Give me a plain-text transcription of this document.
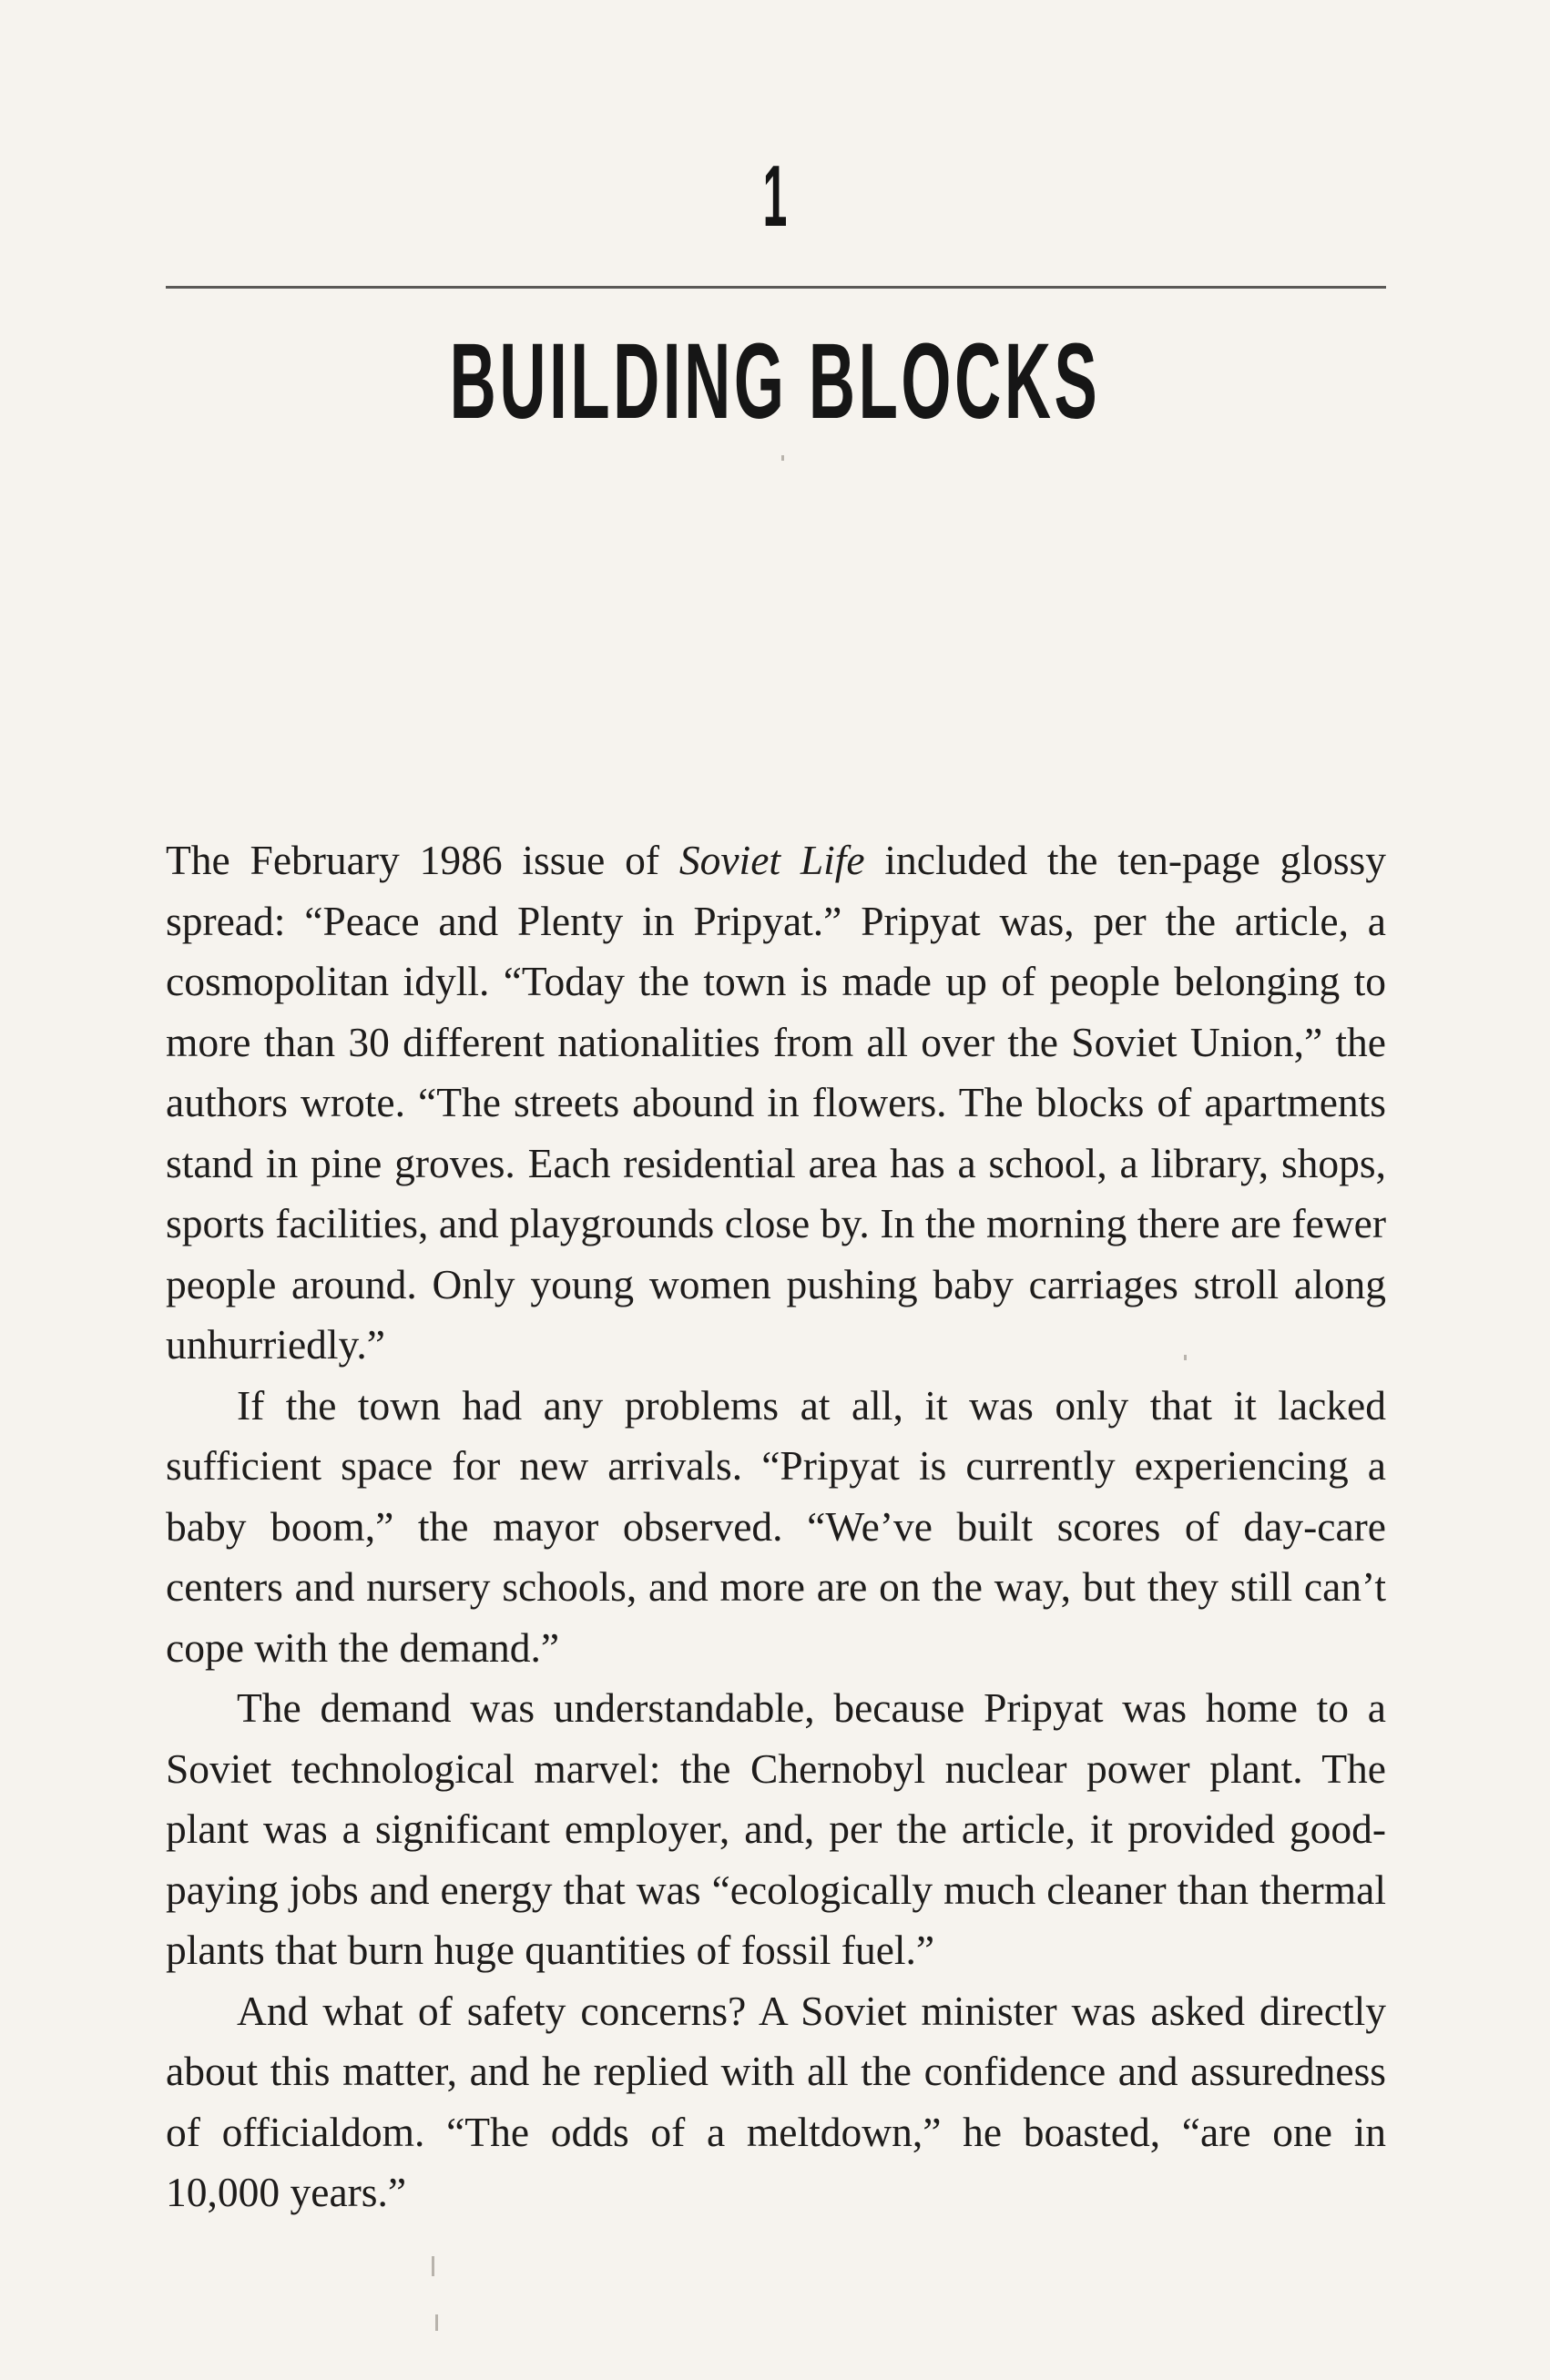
1
BUILDING BLOCKS

The February 1986 issue of Soviet Life included the ten-page glossy spread: “Peace and Plenty in Pripyat.” Pripyat was, per the article, a cosmopolitan idyll. “Today the town is made up of people belonging to more than 30 different nationalities from all over the Soviet Union,” the authors wrote. “The streets abound in flowers. The blocks of apartments stand in pine groves. Each residential area has a school, a library, shops, sports facilities, and playgrounds close by. In the morning there are fewer people around. Only young women pushing baby carriages stroll along unhurriedly.”

If the town had any problems at all, it was only that it lacked sufficient space for new arrivals. “Pripyat is currently experiencing a baby boom,” the mayor observed. “We’ve built scores of day-care centers and nursery schools, and more are on the way, but they still can’t cope with the demand.”

The demand was understandable, because Pripyat was home to a Soviet technological marvel: the Chernobyl nuclear power plant. The plant was a significant employer, and, per the article, it provided good-paying jobs and energy that was “ecologically much cleaner than thermal plants that burn huge quantities of fossil fuel.”

And what of safety concerns? A Soviet minister was asked directly about this matter, and he replied with all the confidence and assuredness of officialdom. “The odds of a meltdown,” he boasted, “are one in 10,000 years.”
